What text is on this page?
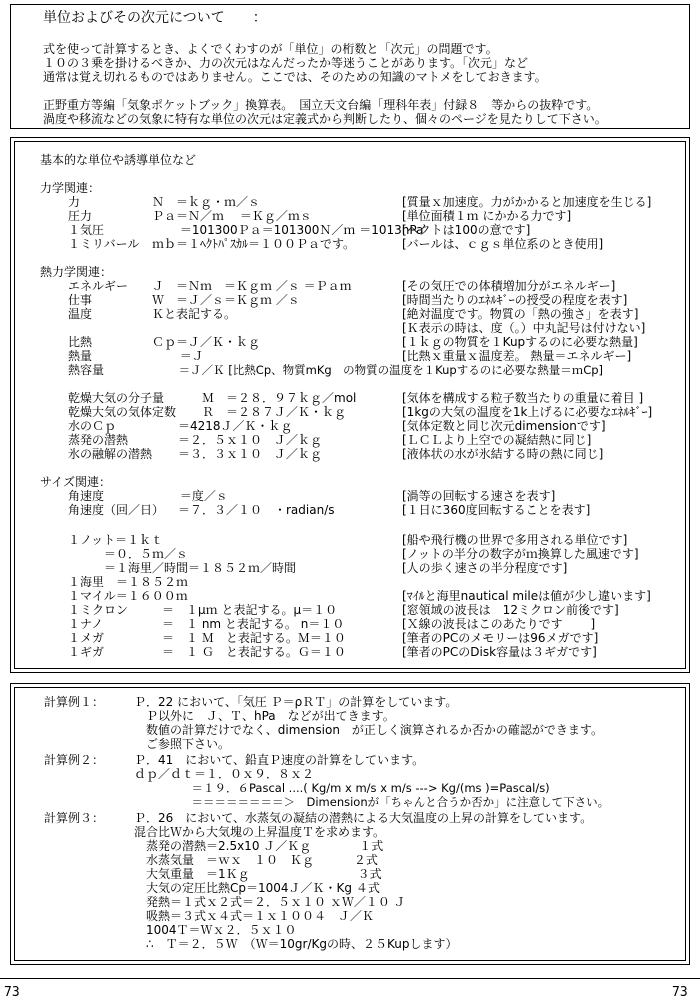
単位およびその次元について　　：
式を使って計算するとき、よくでくわすのが「単位」の桁数と「次元」の問題です。
１０の３乗を掛けるべきか、力の次元はなんだったか等迷うことがあります。「次元」など
通常は覚え切れるものではありません。ここでは、そのための知識のマトメをしておきます。
正野重方等編「気象ポケットブック」換算表。　国立天文台編「理科年表」付録８　等からの抜粋です。
渦度や移流などの気象に特有な単位の次元は定義式から判断したり、個々のページを見たりして下さい。
基本的な単位や誘導単位など
力学関連：
力	Ｎ　＝ｋｇ・ｍ／ｓ	[質量ｘ加速度。力がかかると加速度を生じる]
圧力	Ｐａ＝Ｎ／ｍ　 ＝Ｋｇ／ｍｓ	[単位面積１ｍ にかかる力です]
１気圧	　　 ＝101300Ｐａ＝101300Ｎ／ｍ ＝1013hPa
[ヘクトは100の意です]
１ミリバール ｍｂ＝１ﾍｸﾄﾊﾟｽｶﾙ＝１００Ｐａです。	[バールは、ｃｇｓ単位系のとき使用]
熱力学関連：
エネルギー Ｊ　＝Ｎｍ　＝Ｋｇｍ ／ｓ ＝Ｐａｍ	[その気圧での体積増加分がエネルギー]
仕事	Ｗ　＝Ｊ／ｓ＝Ｋｇｍ ／ｓ	[時間当たりのｴﾈﾙｷﾞｰの授受の程度を表す]
温度	Ｋと表記する。	[絶対温度です。物質の「熱の強さ」を表す]
[Ｋ表示の時は、度（。）中丸記号は付けない]
比熱	Ｃｐ＝Ｊ／Ｋ・ｋｇ	[１ｋｇの物質を１Kupするのに必要な熱量]
熱量	　　 ＝Ｊ	[比熱ｘ重量ｘ温度差。 熱量＝エネルギー]
熱容量	　　 ＝Ｊ／Ｋ [比熱Cp、物質mKg　の物質の温度を１Kupするのに必要な熱量＝ｍCp]
乾燥大気の分子量	Ｍ　＝２８．９７ｋｇ／mol	[気体を構成する粒子数当たりの重量に着目 ]
乾燥大気の気体定数 Ｒ　＝２８７Ｊ／Ｋ・ｋｇ	[1kgの大気の温度を1k上げるに必要なｴﾈﾙｷﾞｰ]
水のＣｐ	＝4218Ｊ／Ｋ・ｋｇ	[気体定数と同じ次元dimensionです]
蒸発の潜熱	＝２．５ｘ１０　Ｊ／ｋｇ	[ＬＣＬより上空での凝結熱に同じ]
氷の融解の潜熱 ＝３．３ｘ１０　Ｊ／ｋｇ	[液体状の水が氷結する時の熱に同じ]
サイズ関連：
角速度	　　 ＝度／ｓ	[渦等の回転する速さを表す]
角速度（回／日） ＝７．３／１０　・radian/s	[１日に360度回転することを表す]
１ノット＝１ｋｔ	[船や飛行機の世界で多用される単位です]
　　　＝０．５ｍ／ｓ	[ノットの半分の数字がｍ換算した風速です]
　　　＝１海里／時間＝１８５２ｍ／時間	[人の歩く速さの半分程度です]
１海里　＝１８５２ｍ
１マイル＝１６００ｍ	[ﾏｲﾙと海里nautical mileは値が少し違います]
１ミクロン	＝　１μｍ と表記する。μ＝１０	[窓領域の波長は　12ミクロン前後です]
１ナノ	＝　１ nm と表記する。 n＝１０	[Ｘ線の波長はこのあたりです　　 ]
１メガ	＝　１ Ｍ　と表記する。Ｍ＝１０	[筆者のPCのメモリーは96メガです]
１ギガ	＝　１ Ｇ　と表記する。Ｇ＝１０	[筆者のPCのDisk容量は３ギガです]
計算例１： Ｐ．22 において、「気圧 Ｐ＝ρＲＴ」の計算をしています。
　Ｐ以外に　Ｊ、Ｔ、hPa　などが出てきます。
　数値の計算だけでなく、dimension　が正しく演算されるか否かの確認ができます。
　ご参照下さい。
計算例２： Ｐ．41　において、鉛直Ｐ速度の計算をしています。
ｄｐ／ｄｔ＝１．０ｘ９．８ｘ２
　　　　　＝１９．６Pascal ....( Kg/m x m/s x m/s ---> Kg/(ms )=Pascal/s)
　　　　　＝＝＝＝＝＝＝＝＞　Dimensionが「ちゃんと合うか否か」に注意して下さい。
計算例３： Ｐ．26　において、水蒸気の凝結の潜熱による大気温度の上昇の計算をしています。
混合比Ｗから大気塊の上昇温度Ｔを求めます。
　蒸発の潜熱＝2.5x10 Ｊ／Ｋｇ　　　　１式
　水蒸気量　＝ｗｘ　１０　Ｋｇ　　　 ２式
　大気重量　＝1Ｋｇ　　　　　　　　　３式
　大気の定圧比熱Cp＝1004Ｊ／Ｋ・Kg ４式
　発熱＝１式ｘ２式＝２．５ｘ１０ ｘＷ／１０ Ｊ
　吸熱＝３式ｘ４式＝１ｘ１００４　Ｊ／Ｋ
　1004Ｔ＝Ｗｘ２．５ｘ１０
　∴　Ｔ＝２．５Ｗ　（Ｗ＝10gr/Kgの時、２５Kupします）
73	73
